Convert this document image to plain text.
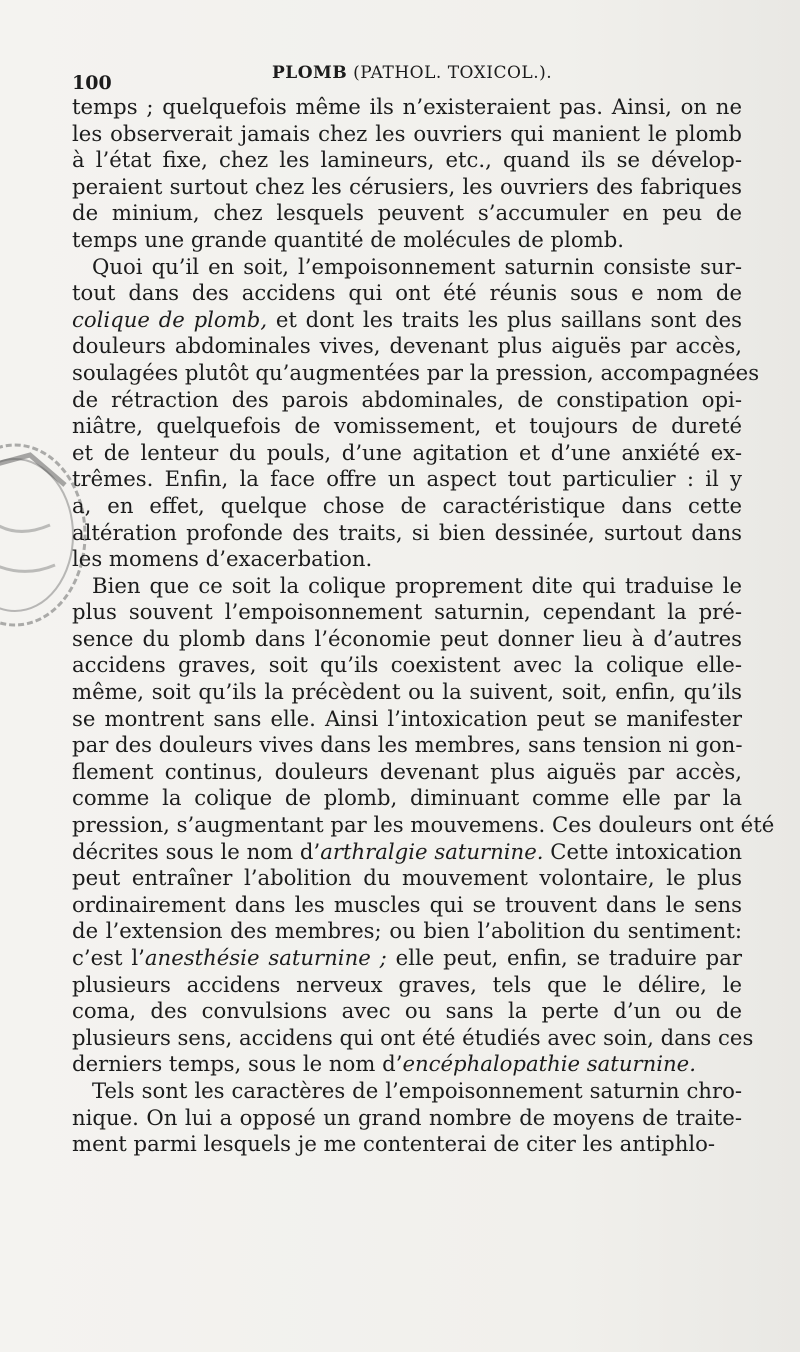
100	PLOMB (PATHOL. TOXICOL.).
temps ; quelquefois même ils n’existeraient pas. Ainsi, on ne
les observerait jamais chez les ouvriers qui manient le plomb
à l’état fixe, chez les lamineurs, etc., quand ils se dévelop-
peraient surtout chez les cérusiers, les ouvriers des fabriques
de minium, chez lesquels peuvent s’accumuler en peu de
temps une grande quantité de molécules de plomb.
Quoi qu’il en soit, l’empoisonnement saturnin consiste sur-
tout dans des accidens qui ont été réunis sous e nom de
colique de plomb, et dont les traits les plus saillans sont des
douleurs abdominales vives, devenant plus aiguës par accès,
soulagées plutôt qu’augmentées par la pression, accompagnées
de rétraction des parois abdominales, de constipation opi-
niâtre, quelquefois de vomissement, et toujours de dureté
et de lenteur du pouls, d’une agitation et d’une anxiété ex-
trêmes. Enfin, la face offre un aspect tout particulier : il y
a, en effet, quelque chose de caractéristique dans cette
altération profonde des traits, si bien dessinée, surtout dans
les momens d’exacerbation.
Bien que ce soit la colique proprement dite qui traduise le
plus souvent l’empoisonnement saturnin, cependant la pré-
sence du plomb dans l’économie peut donner lieu à d’autres
accidens graves, soit qu’ils coexistent avec la colique elle-
même, soit qu’ils la précèdent ou la suivent, soit, enfin, qu’ils
se montrent sans elle. Ainsi l’intoxication peut se manifester
par des douleurs vives dans les membres, sans tension ni gon-
flement continus, douleurs devenant plus aiguës par accès,
comme la colique de plomb, diminuant comme elle par la
pression, s’augmentant par les mouvemens. Ces douleurs ont été
décrites sous le nom d’arthralgie saturnine. Cette intoxication
peut entraîner l’abolition du mouvement volontaire, le plus
ordinairement dans les muscles qui se trouvent dans le sens
de l’extension des membres; ou bien l’abolition du sentiment:
c’est l’anesthésie saturnine ; elle peut, enfin, se traduire par
plusieurs accidens nerveux graves, tels que le délire, le
coma, des convulsions avec ou sans la perte d’un ou de
plusieurs sens, accidens qui ont été étudiés avec soin, dans ces
derniers temps, sous le nom d’encéphalopathie saturnine.
Tels sont les caractères de l’empoisonnement saturnin chro-
nique. On lui a opposé un grand nombre de moyens de traite-
ment parmi lesquels je me contenterai de citer les antiphlo-
